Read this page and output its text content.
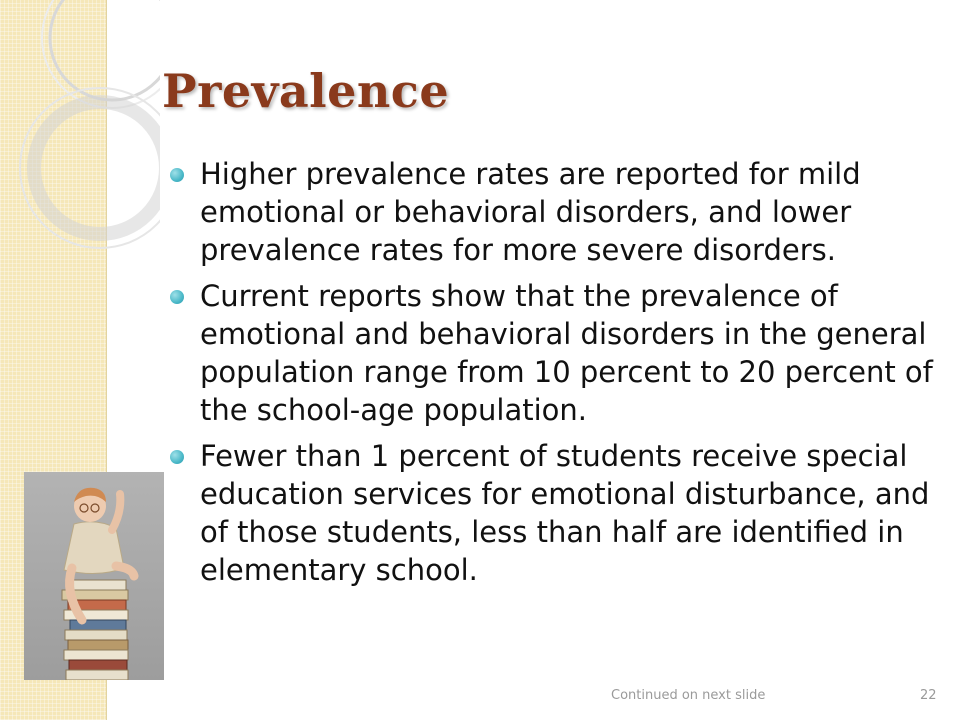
Prevalence
Higher prevalence rates are reported for mild emotional or behavioral disorders, and lower prevalence rates for more severe disorders.
Current reports show that the prevalence of emotional and behavioral disorders in the general population range from 10 percent to 20 percent of the school-age population.
Fewer than 1 percent of students receive special education services for emotional disturbance, and of those students, less than half are identified in elementary school.
Continued on next slide	22
